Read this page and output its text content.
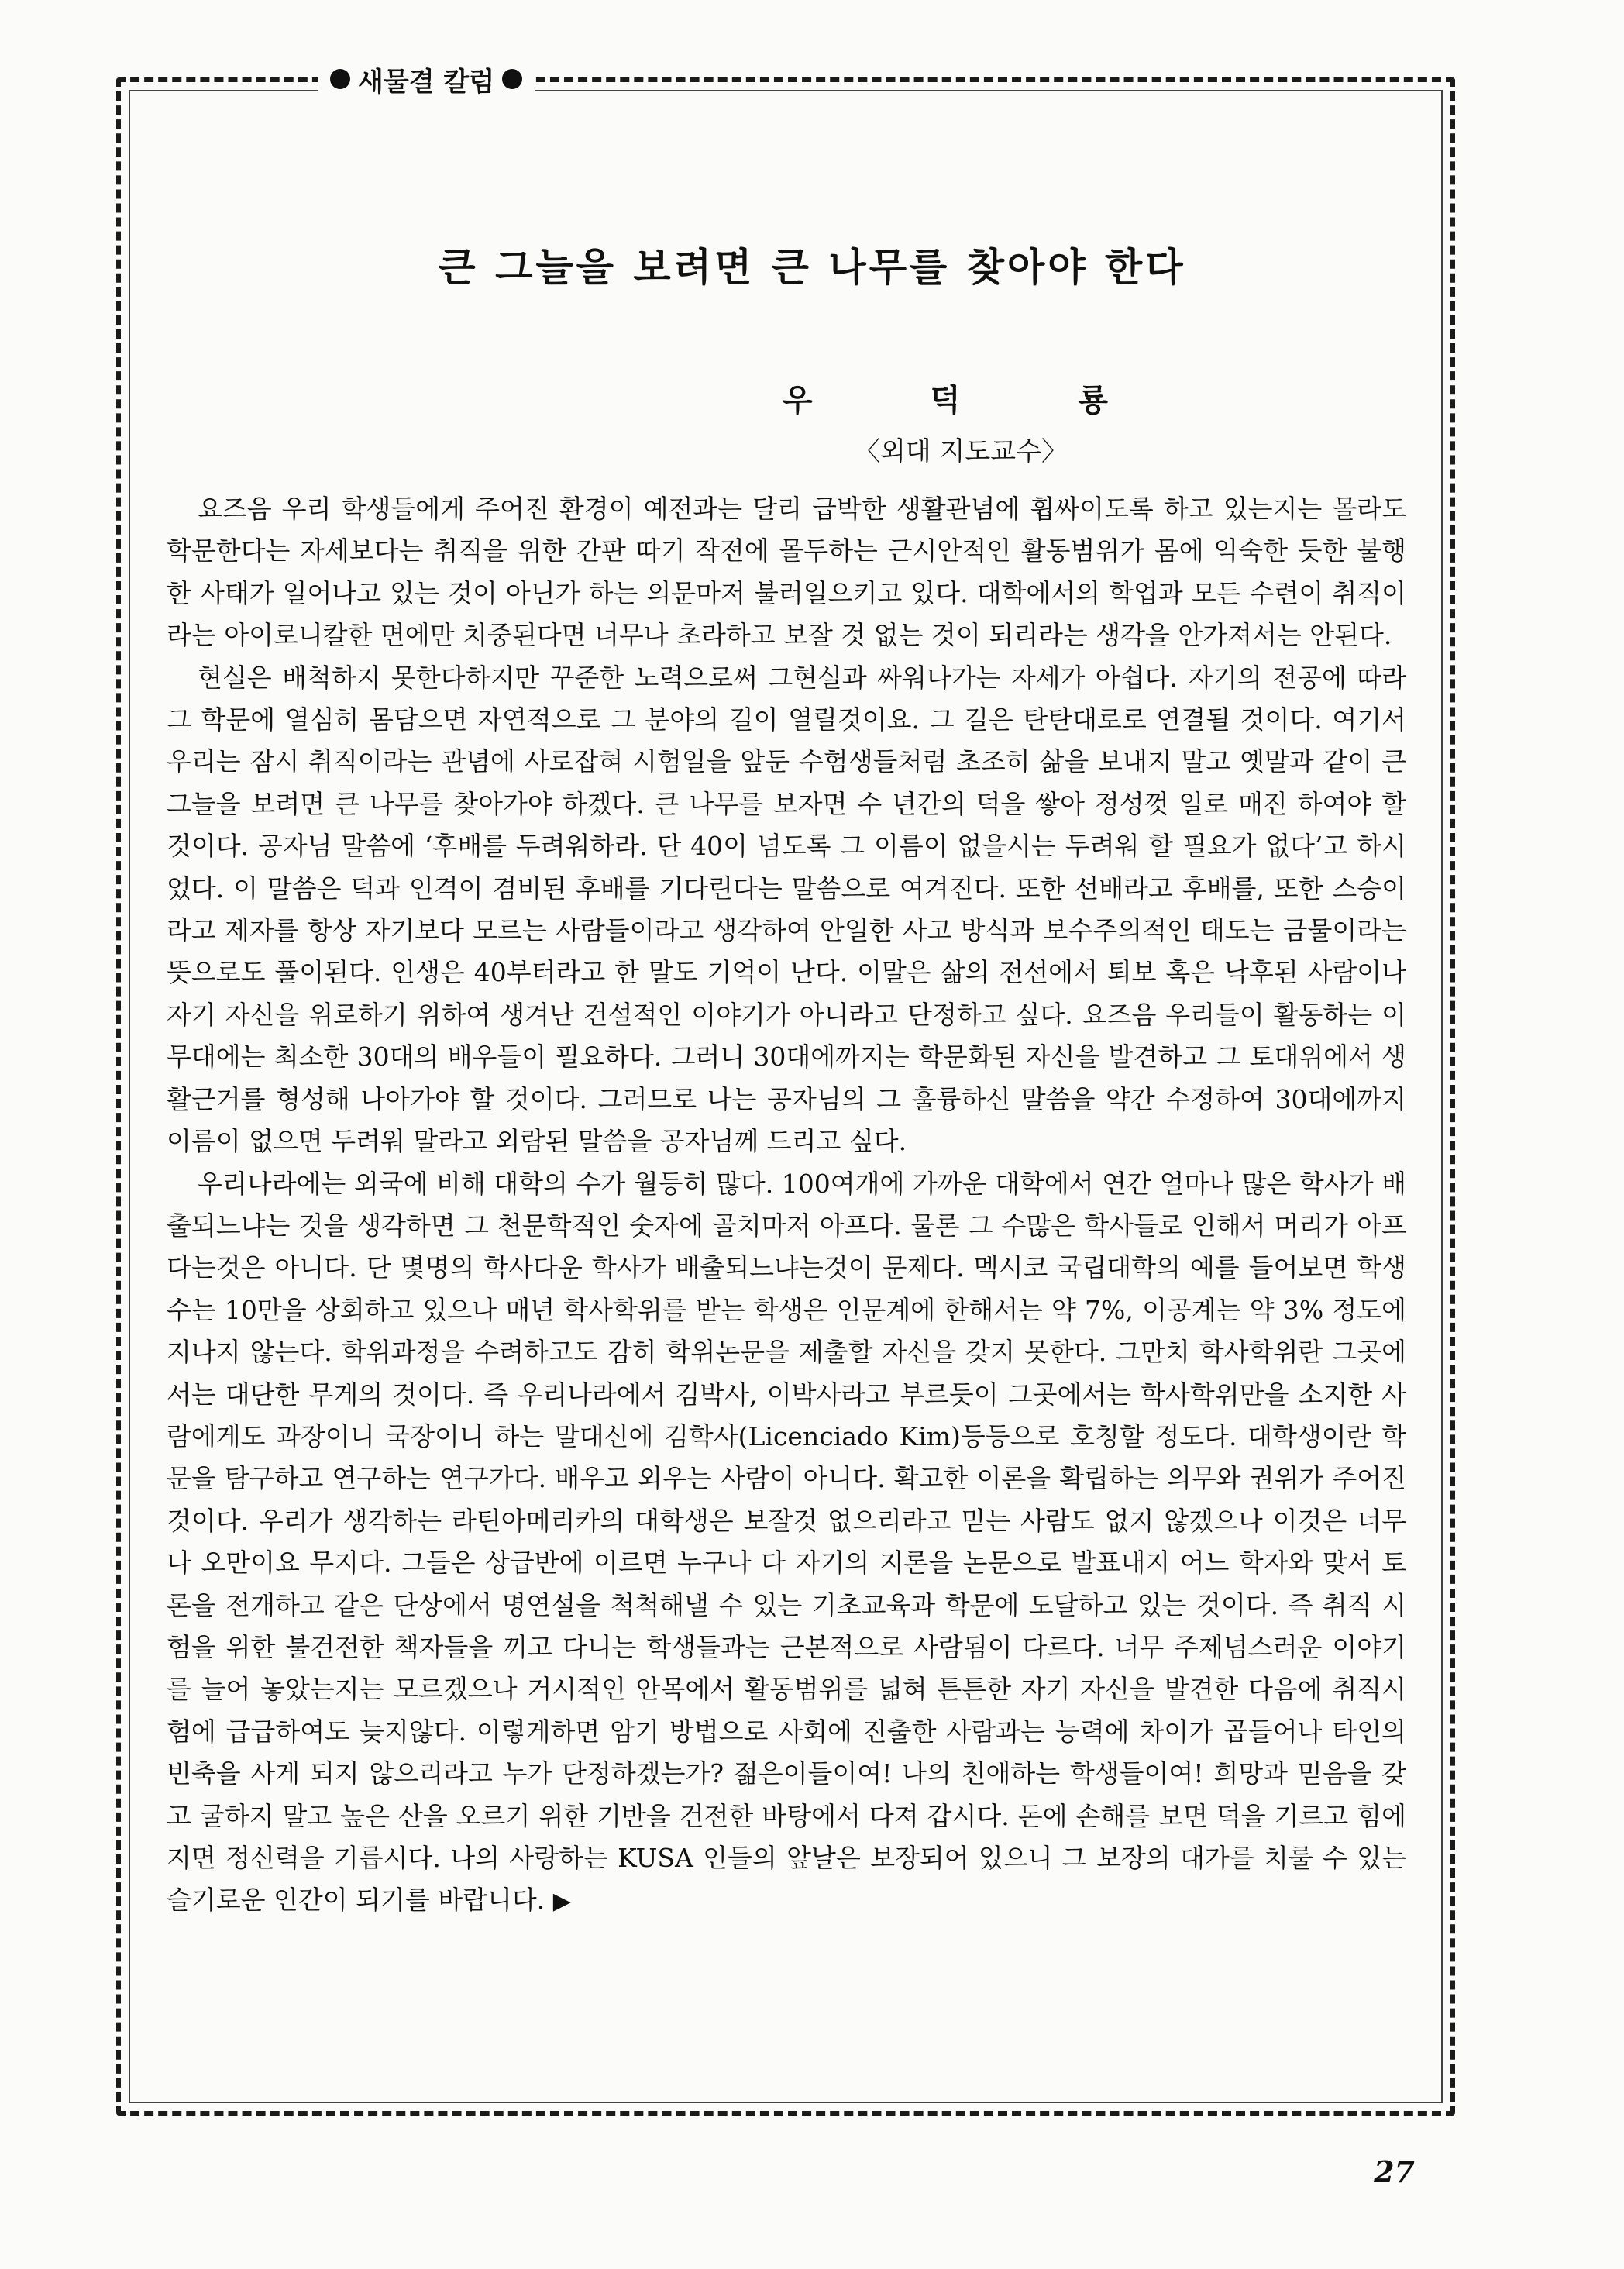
새물결 칼럼
큰 그늘을 보려면 큰 나무를 찾아야 한다
우	덕	룡
〈외대 지도교수〉

요즈음 우리 학생들에게 주어진 환경이 예전과는 달리 급박한 생활관념에 휩싸이도록 하고 있는지는 몰라도 학문한다는 자세보다는 취직을 위한 간판 따기 작전에 몰두하는 근시안적인 활동범위가 몸에 익숙한 듯한 불행한 사태가 일어나고 있는 것이 아닌가 하는 의문마저 불러일으키고 있다. 대학에서의 학업과 모든 수련이 취직이라는 아이로니칼한 면에만 치중된다면 너무나 초라하고 보잘 것 없는 것이 되리라는 생각을 안가져서는 안된다.

현실은 배척하지 못한다하지만 꾸준한 노력으로써 그현실과 싸워나가는 자세가 아쉽다. 자기의 전공에 따라 그 학문에 열심히 몸담으면 자연적으로 그 분야의 길이 열릴것이요. 그 길은 탄탄대로로 연결될 것이다. 여기서 우리는 잠시 취직이라는 관념에 사로잡혀 시험일을 앞둔 수험생들처럼 초조히 삶을 보내지 말고 옛말과 같이 큰 그늘을 보려면 큰 나무를 찾아가야 하겠다. 큰 나무를 보자면 수 년간의 덕을 쌓아 정성껏 일로 매진 하여야 할 것이다. 공자님 말씀에 ‘후배를 두려워하라. 단 40이 넘도록 그 이름이 없을시는 두려워 할 필요가 없다’고 하시었다. 이 말씀은 덕과 인격이 겸비된 후배를 기다린다는 말씀으로 여겨진다. 또한 선배라고 후배를, 또한 스승이라고 제자를 항상 자기보다 모르는 사람들이라고 생각하여 안일한 사고 방식과 보수주의적인 태도는 금물이라는 뜻으로도 풀이된다. 인생은 40부터라고 한 말도 기억이 난다. 이말은 삶의 전선에서 퇴보 혹은 낙후된 사람이나 자기 자신을 위로하기 위하여 생겨난 건설적인 이야기가 아니라고 단정하고 싶다. 요즈음 우리들이 활동하는 이 무대에는 최소한 30대의 배우들이 필요하다. 그러니 30대에까지는 학문화된 자신을 발견하고 그 토대위에서 생활근거를 형성해 나아가야 할 것이다. 그러므로 나는 공자님의 그 훌륭하신 말씀을 약간 수정하여 30대에까지 이름이 없으면 두려워 말라고 외람된 말씀을 공자님께 드리고 싶다.

우리나라에는 외국에 비해 대학의 수가 월등히 많다. 100여개에 가까운 대학에서 연간 얼마나 많은 학사가 배출되느냐는 것을 생각하면 그 천문학적인 숫자에 골치마저 아프다. 물론 그 수많은 학사들로 인해서 머리가 아프다는것은 아니다. 단 몇명의 학사다운 학사가 배출되느냐는것이 문제다. 멕시코 국립대학의 예를 들어보면 학생수는 10만을 상회하고 있으나 매년 학사학위를 받는 학생은 인문계에 한해서는 약 7%, 이공계는 약 3% 정도에 지나지 않는다. 학위과정을 수려하고도 감히 학위논문을 제출할 자신을 갖지 못한다. 그만치 학사학위란 그곳에서는 대단한 무게의 것이다. 즉 우리나라에서 김박사, 이박사라고 부르듯이 그곳에서는 학사학위만을 소지한 사람에게도 과장이니 국장이니 하는 말대신에 김학사(Licenciado Kim)등등으로 호칭할 정도다. 대학생이란 학문을 탐구하고 연구하는 연구가다. 배우고 외우는 사람이 아니다. 확고한 이론을 확립하는 의무와 권위가 주어진 것이다. 우리가 생각하는 라틴아메리카의 대학생은 보잘것 없으리라고 믿는 사람도 없지 않겠으나 이것은 너무나 오만이요 무지다. 그들은 상급반에 이르면 누구나 다 자기의 지론을 논문으로 발표내지 어느 학자와 맞서 토론을 전개하고 같은 단상에서 명연설을 척척해낼 수 있는 기초교육과 학문에 도달하고 있는 것이다. 즉 취직 시험을 위한 불건전한 책자들을 끼고 다니는 학생들과는 근본적으로 사람됨이 다르다. 너무 주제넘스러운 이야기를 늘어 놓았는지는 모르겠으나 거시적인 안목에서 활동범위를 넓혀 튼튼한 자기 자신을 발견한 다음에 취직시험에 급급하여도 늦지않다. 이렇게하면 암기 방법으로 사회에 진출한 사람과는 능력에 차이가 곱들어나 타인의 빈축을 사게 되지 않으리라고 누가 단정하겠는가? 젊은이들이여! 나의 친애하는 학생들이여! 희망과 믿음을 갖고 굴하지 말고 높은 산을 오르기 위한 기반을 건전한 바탕에서 다져 갑시다. 돈에 손해를 보면 덕을 기르고 힘에 지면 정신력을 기릅시다. 나의 사랑하는 KUSA 인들의 앞날은 보장되어 있으니 그 보장의 대가를 치룰 수 있는 슬기로운 인간이 되기를 바랍니다. ▶

27
